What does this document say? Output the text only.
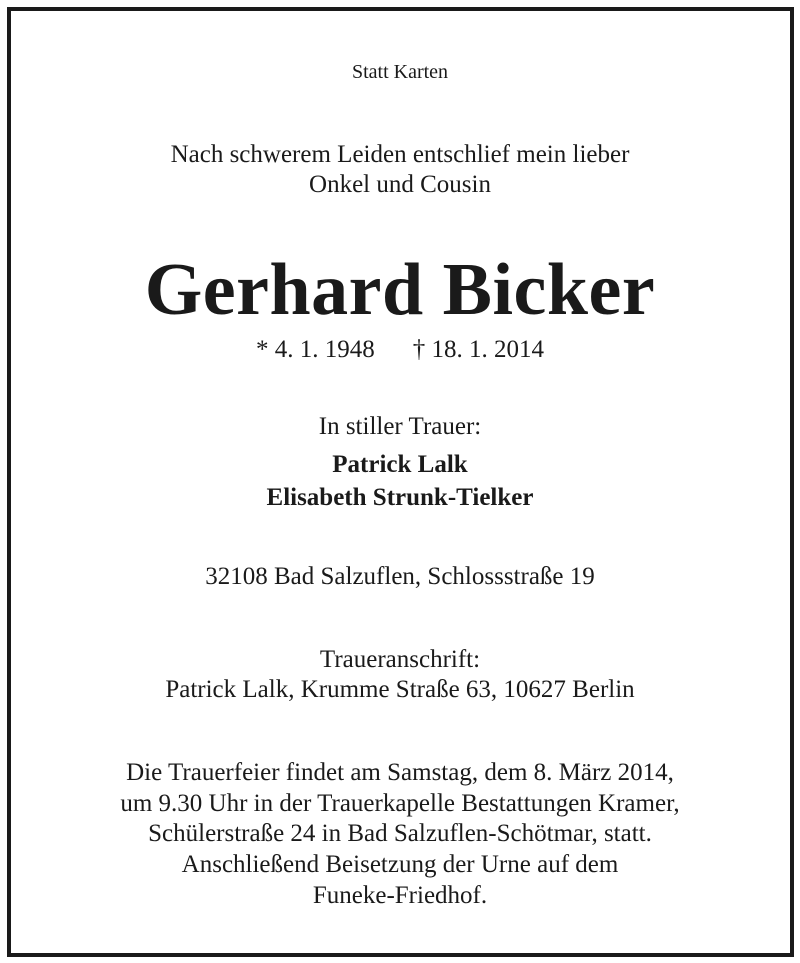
Statt Karten
Nach schwerem Leiden entschlief mein lieber
Onkel und Cousin
Gerhard Bicker
* 4. 1. 1948 † 18. 1. 2014
In stiller Trauer:
Patrick Lalk
Elisabeth Strunk-Tielker
32108 Bad Salzuflen, Schlossstraße 19
Traueranschrift:
Patrick Lalk, Krumme Straße 63, 10627 Berlin
Die Trauerfeier findet am Samstag, dem 8. März 2014,
um 9.30 Uhr in der Trauerkapelle Bestattungen Kramer,
Schülerstraße 24 in Bad Salzuflen-Schötmar, statt.
Anschließend Beisetzung der Urne auf dem
Funeke-Friedhof.
